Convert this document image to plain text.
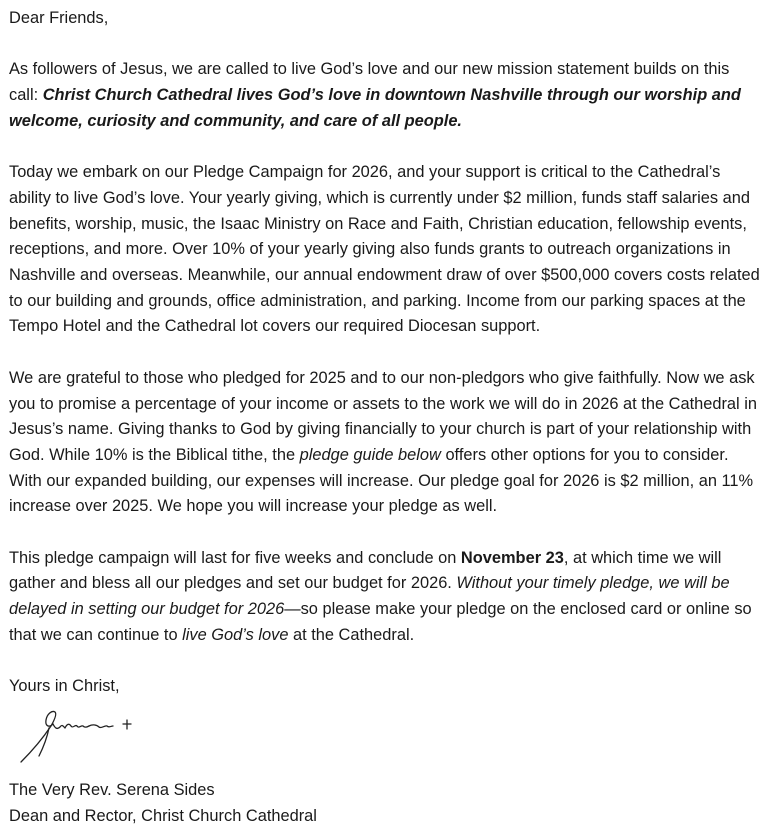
Dear Friends,

As followers of Jesus, we are called to live God’s love and our new mission statement builds on this call: Christ Church Cathedral lives God’s love in downtown Nashville through our worship and welcome, curiosity and community, and care of all people.

Today we embark on our Pledge Campaign for 2026, and your support is critical to the Cathedral’s ability to live God’s love. Your yearly giving, which is currently under $2 million, funds staff salaries and benefits, worship, music, the Isaac Ministry on Race and Faith, Christian education, fellowship events, receptions, and more. Over 10% of your yearly giving also funds grants to outreach organizations in Nashville and overseas. Meanwhile, our annual endowment draw of over $500,000 covers costs related to our building and grounds, office administration, and parking. Income from our parking spaces at the Tempo Hotel and the Cathedral lot covers our required Diocesan support.

We are grateful to those who pledged for 2025 and to our non-pledgors who give faithfully. Now we ask you to promise a percentage of your income or assets to the work we will do in 2026 at the Cathedral in Jesus’s name. Giving thanks to God by giving financially to your church is part of your relationship with God. While 10% is the Biblical tithe, the pledge guide below offers other options for you to consider. With our expanded building, our expenses will increase. Our pledge goal for 2026 is $2 million, an 11% increase over 2025. We hope you will increase your pledge as well.

This pledge campaign will last for five weeks and conclude on November 23, at which time we will gather and bless all our pledges and set our budget for 2026. Without your timely pledge, we will be delayed in setting our budget for 2026—so please make your pledge on the enclosed card or online so that we can continue to live God’s love at the Cathedral.

Yours in Christ,

The Very Rev. Serena Sides

Dean and Rector, Christ Church Cathedral
